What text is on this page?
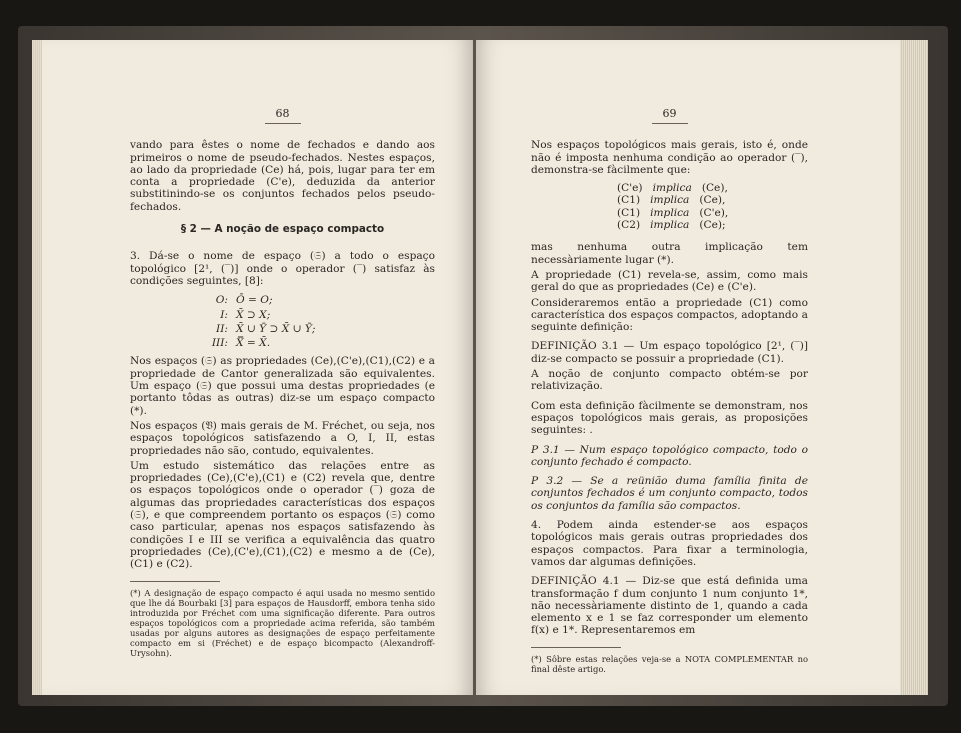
68

vando para êstes o nome de fechados e dando aos primeiros o nome de pseudo-fechados. Nestes espaços, ao lado da propriedade (Ce) há, pois, lugar para ter em conta a propriedade (C'e), deduzida da anterior substitinindo-se os conjuntos fechados pelos pseudo-fechados.

§ 2 — A noção de espaço compacto

3. Dá-se o nome de espaço (𝔖) a todo o espaço topológico [2¹, (‾)] onde o operador (‾) satisfaz às condições seguintes, [8]:

O: Ō = O;
I: X̄ ⊃ X;
II: X̄ ∪ Ȳ ⊃ X̄ ∪ Ȳ;
III: X̿ = X̄.

Nos espaços (𝔖) as propriedades (Ce),(C'e),(C1),(C2) e a propriedade de Cantor generalizada são equivalentes. Um espaço (𝔖) que possui uma destas propriedades (e portanto tôdas as outras) diz-se um espaço compacto (*).

Nos espaços (𝔙) mais gerais de M. Fréchet, ou seja, nos espaços topológicos satisfazendo a O, I, II, estas propriedades não são, contudo, equivalentes.

Um estudo sistemático das relações entre as propriedades (Ce),(C'e),(C1) e (C2) revela que, dentre os espaços topológicos onde o operador (‾) goza de algumas das propriedades características dos espaços (𝔖), e que compreendem portanto os espaços (𝔖) como caso particular, apenas nos espaços satisfazendo às condições I e III se verifica a equivalência das quatro propriedades (Ce),(C'e),(C1),(C2) e mesmo a de (Ce), (C1) e (C2).

(*) A designação de espaço compacto é aqui usada no mesmo sentido que lhe dá Bourbaki [3] para espaços de Hausdorff, embora tenha sido introduzida por Fréchet com uma significação diferente. Para outros espaços topológicos com a propriedade acima referida, são também usadas por alguns autores as designações de espaço perfeitamente compacto em si (Fréchet) e de espaço bicompacto (Alexandroff-Urysohn).

69

Nos espaços topológicos mais gerais, isto é, onde não é imposta nenhuma condição ao operador (‾), demonstra-se fàcilmente que:

(C'e) implica (Ce),
(C1) implica (Ce),
(C1) implica (C'e),
(C2) implica (Ce);

mas nenhuma outra implicação tem necessàriamente lugar (*).

A propriedade (C1) revela-se, assim, como mais geral do que as propriedades (Ce) e (C'e).

Consideraremos então a propriedade (C1) como característica dos espaços compactos, adoptando a seguinte definição:

DEFINIÇÃO 3.1 — Um espaço topológico [2¹, (‾)] diz-se compacto se possuir a propriedade (C1).

A noção de conjunto compacto obtém-se por relativização.

Com esta definição fàcilmente se demonstram, nos espaços topológicos mais gerais, as proposições seguintes: .

P 3.1 — Num espaço topológico compacto, todo o conjunto fechado é compacto.

P 3.2 — Se a reünião duma família finita de conjuntos fechados é um conjunto compacto, todos os conjuntos da família são compactos.

4. Podem ainda estender-se aos espaços topológicos mais gerais outras propriedades dos espaços compactos. Para fixar a terminologia, vamos dar algumas definições.

DEFINIÇÃO 4.1 — Diz-se que está definida uma transformação f dum conjunto 1 num conjunto 1*, não necessàriamente distinto de 1, quando a cada elemento x e 1 se faz corresponder um elemento f(x) e 1*. Representaremos em

(*) Sôbre estas relações veja-se a NOTA COMPLEMENTAR no final dêste artigo.
